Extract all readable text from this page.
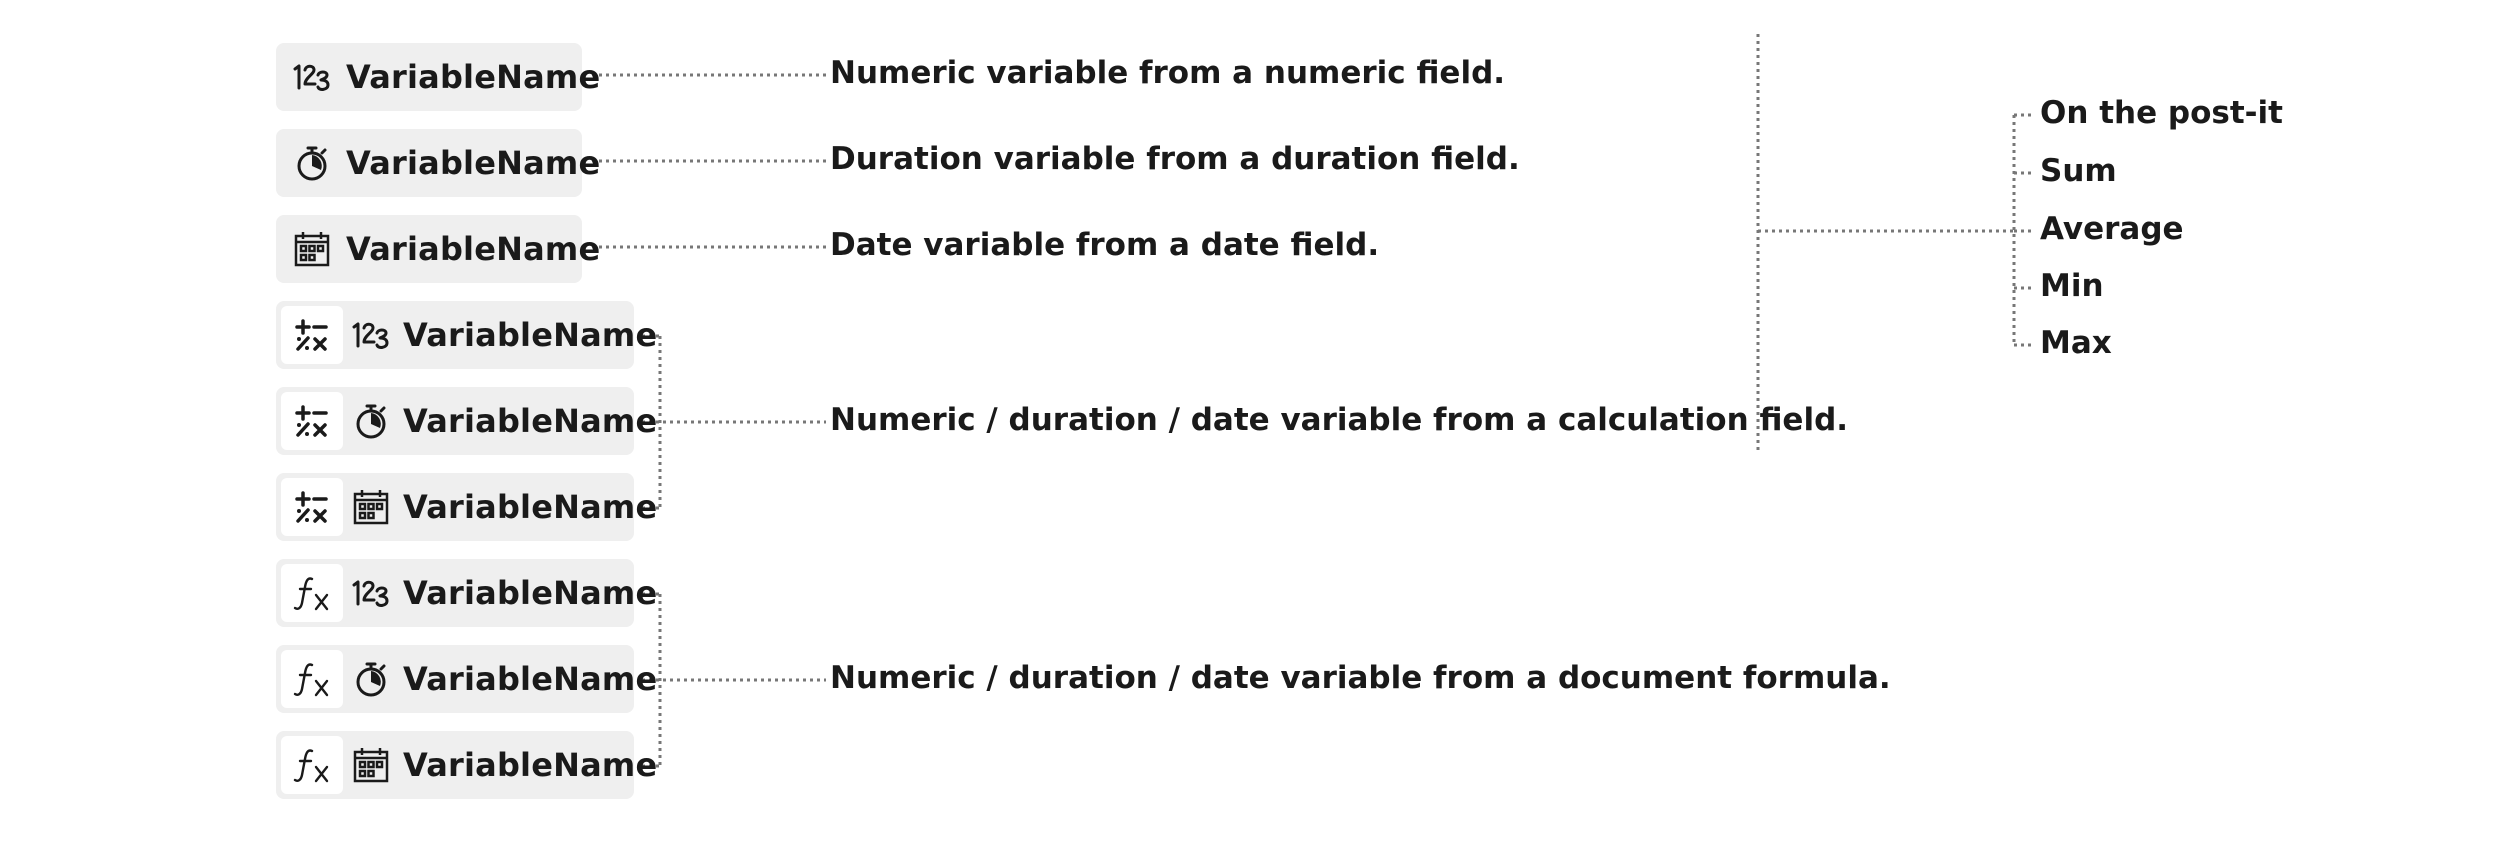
VariableName
VariableName
VariableName
VariableName
VariableName
VariableName
VariableName
VariableName
VariableName
Numeric variable from a numeric field.
Duration variable from a duration field.
Date variable from a date field.
Numeric / duration / date variable from a calculation field.
Numeric / duration / date variable from a document formula.
On the post-it
Sum
Average
Min
Max
